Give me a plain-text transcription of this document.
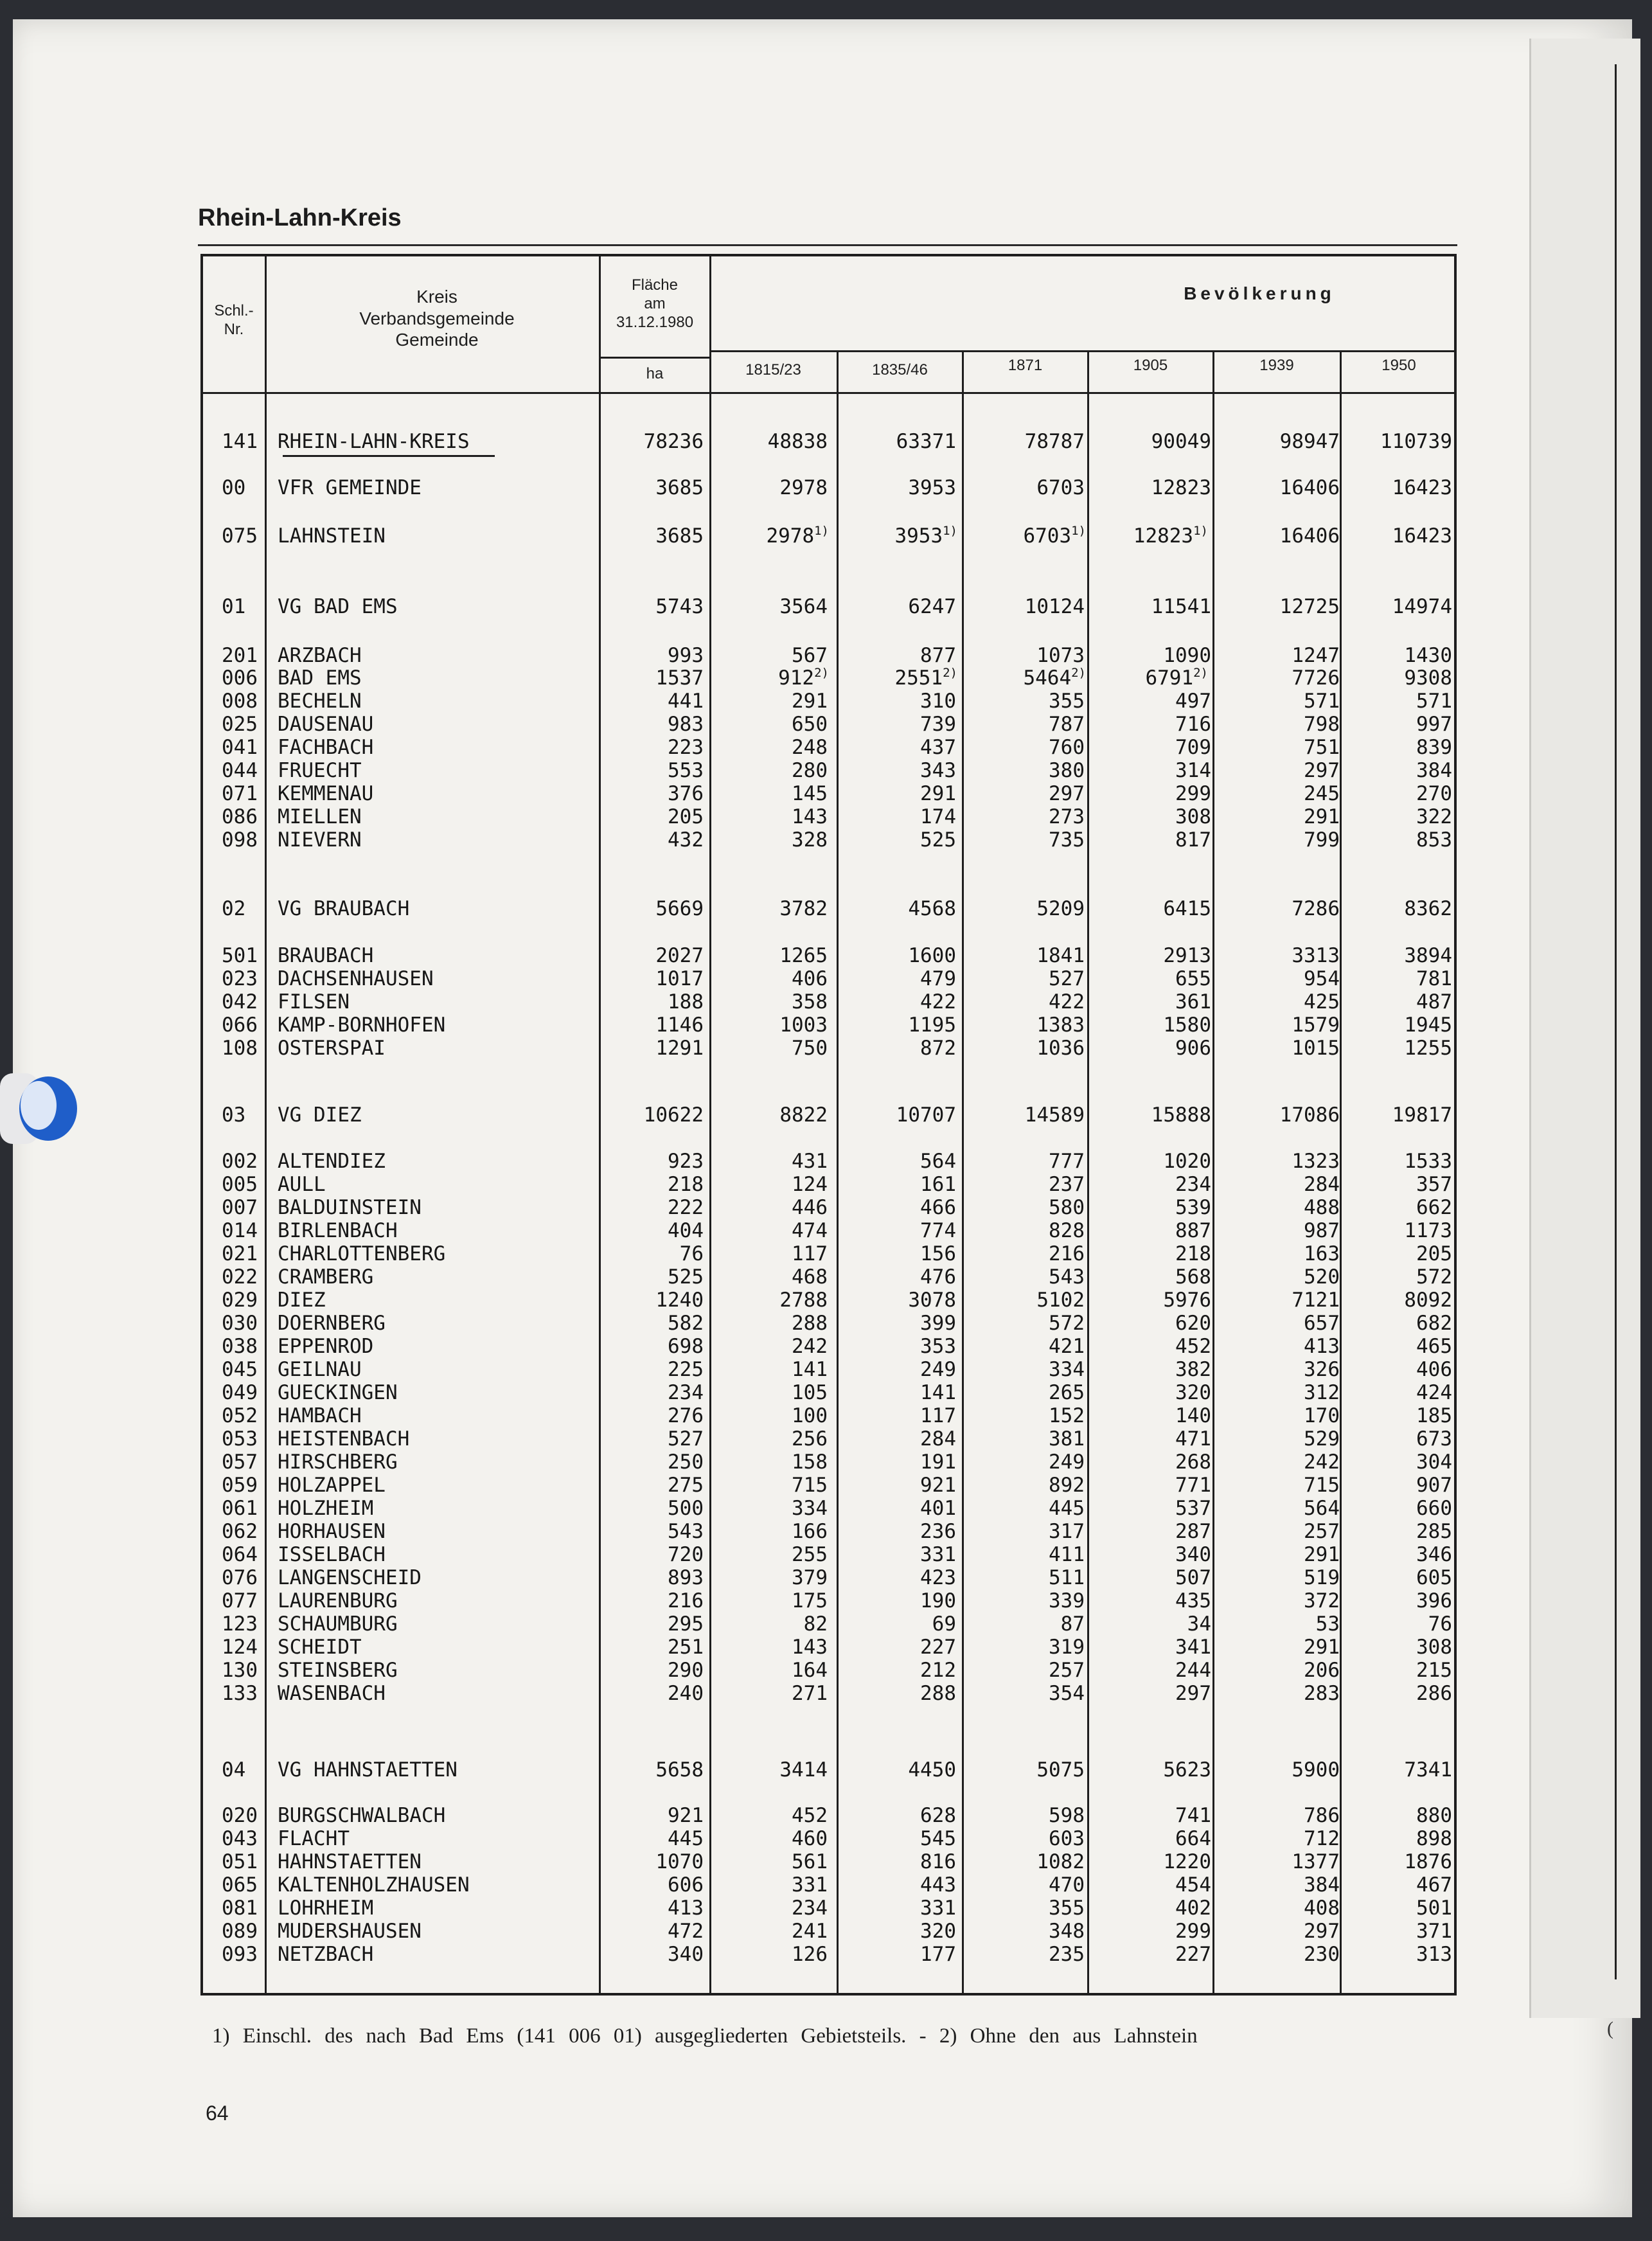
(
Rhein-Lahn-Kreis
Schl.-
Nr.
Kreis
Verbandsgemeinde
Gemeinde
Fläche
am
31.12.1980
ha
Bevölkerung
1815/23	1835/46	1871	1905	1939	1950
141	RHEIN-LAHN-KREIS	78236	48838	63371	78787	90049	98947	110739
00	VFR GEMEINDE	3685	2978	3953	6703	12823	16406	16423
075	LAHNSTEIN	3685	2978$^{1)}$	3953$^{1)}$	6703$^{1)}$	12823$^{1)}$	16406	16423
01	VG BAD EMS	5743	3564	6247	10124	11541	12725	14974
201	ARZBACH	993	567	877	1073	1090	1247	1430
006	BAD EMS	1537	912$^{2)}$	2551$^{2)}$	5464$^{2)}$	6791$^{2)}$	7726	9308
008	BECHELN	441	291	310	355	497	571	571
025	DAUSENAU	983	650	739	787	716	798	997
041	FACHBACH	223	248	437	760	709	751	839
044	FRUECHT	553	280	343	380	314	297	384
071	KEMMENAU	376	145	291	297	299	245	270
086	MIELLEN	205	143	174	273	308	291	322
098	NIEVERN	432	328	525	735	817	799	853
02	VG BRAUBACH	5669	3782	4568	5209	6415	7286	8362
501	BRAUBACH	2027	1265	1600	1841	2913	3313	3894
023	DACHSENHAUSEN	1017	406	479	527	655	954	781
042	FILSEN	188	358	422	422	361	425	487
066	KAMP-BORNHOFEN	1146	1003	1195	1383	1580	1579	1945
108	OSTERSPAI	1291	750	872	1036	906	1015	1255
03	VG DIEZ	10622	8822	10707	14589	15888	17086	19817
002	ALTENDIEZ	923	431	564	777	1020	1323	1533
005	AULL	218	124	161	237	234	284	357
007	BALDUINSTEIN	222	446	466	580	539	488	662
014	BIRLENBACH	404	474	774	828	887	987	1173
021	CHARLOTTENBERG	76	117	156	216	218	163	205
022	CRAMBERG	525	468	476	543	568	520	572
029	DIEZ	1240	2788	3078	5102	5976	7121	8092
030	DOERNBERG	582	288	399	572	620	657	682
038	EPPENROD	698	242	353	421	452	413	465
045	GEILNAU	225	141	249	334	382	326	406
049	GUECKINGEN	234	105	141	265	320	312	424
052	HAMBACH	276	100	117	152	140	170	185
053	HEISTENBACH	527	256	284	381	471	529	673
057	HIRSCHBERG	250	158	191	249	268	242	304
059	HOLZAPPEL	275	715	921	892	771	715	907
061	HOLZHEIM	500	334	401	445	537	564	660
062	HORHAUSEN	543	166	236	317	287	257	285
064	ISSELBACH	720	255	331	411	340	291	346
076	LANGENSCHEID	893	379	423	511	507	519	605
077	LAURENBURG	216	175	190	339	435	372	396
123	SCHAUMBURG	295	82	69	87	34	53	76
124	SCHEIDT	251	143	227	319	341	291	308
130	STEINSBERG	290	164	212	257	244	206	215
133	WASENBACH	240	271	288	354	297	283	286
04	VG HAHNSTAETTEN	5658	3414	4450	5075	5623	5900	7341
020	BURGSCHWALBACH	921	452	628	598	741	786	880
043	FLACHT	445	460	545	603	664	712	898
051	HAHNSTAETTEN	1070	561	816	1082	1220	1377	1876
065	KALTENHOLZHAUSEN	606	331	443	470	454	384	467
081	LOHRHEIM	413	234	331	355	402	408	501
089	MUDERSHAUSEN	472	241	320	348	299	297	371
093	NETZBACH	340	126	177	235	227	230	313
1) Einschl. des nach Bad Ems (141 006 01) ausgegliederten Gebietsteils. - 2) Ohne den aus Lahnstein
64
